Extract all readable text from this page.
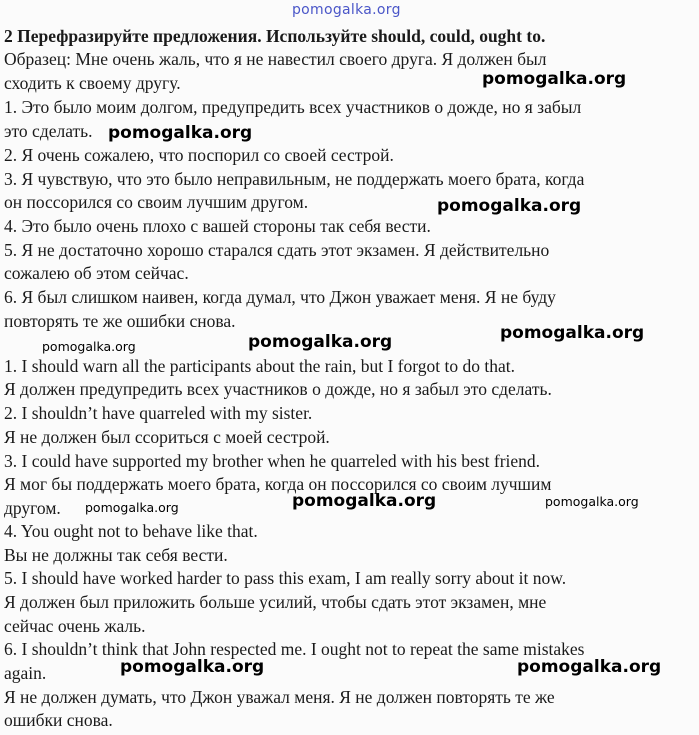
pomogalka.org
2 Перефразируйте предложения. Используйте should, could, ought to.
Образец: Мне очень жаль, что я не навестил своего друга. Я должен был
сходить к своему другу.
1. Это было моим долгом, предупредить всех участников о дожде, но я забыл
это сделать.
2. Я очень сожалею, что поспорил со своей сестрой.
3. Я чувствую, что это было неправильным, не поддержать моего брата, когда
он поссорился со своим лучшим другом.
4. Это было очень плохо с вашей стороны так себя вести.
5. Я не достаточно хорошо старался сдать этот экзамен. Я действительно
сожалею об этом сейчас.
6. Я был слишком наивен, когда думал, что Джон уважает меня. Я не буду
повторять те же ошибки снова.
1. I should warn all the participants about the rain, but I forgot to do that.
Я должен предупредить всех участников о дожде, но я забыл это сделать.
2. I shouldn’t have quarreled with my sister.
Я не должен был ссориться с моей сестрой.
3. I could have supported my brother when he quarreled with his best friend.
Я мог бы поддержать моего брата, когда он поссорился со своим лучшим
другом.
4. You ought not to behave like that.
Вы не должны так себя вести.
5. I should have worked harder to pass this exam, I am really sorry about it now.
Я должен был приложить больше усилий, чтобы сдать этот экзамен, мне
сейчас очень жаль.
6. I shouldn’t think that John respected me. I ought not to repeat the same mistakes
again.
Я не должен думать, что Джон уважал меня. Я не должен повторять те же
ошибки снова.
pomogalka.org
pomogalka.org
pomogalka.org
pomogalka.org	pomogalka.org
pomogalka.org
pomogalka.org	pomogalka.org	pomogalka.org
pomogalka.org	pomogalka.org
